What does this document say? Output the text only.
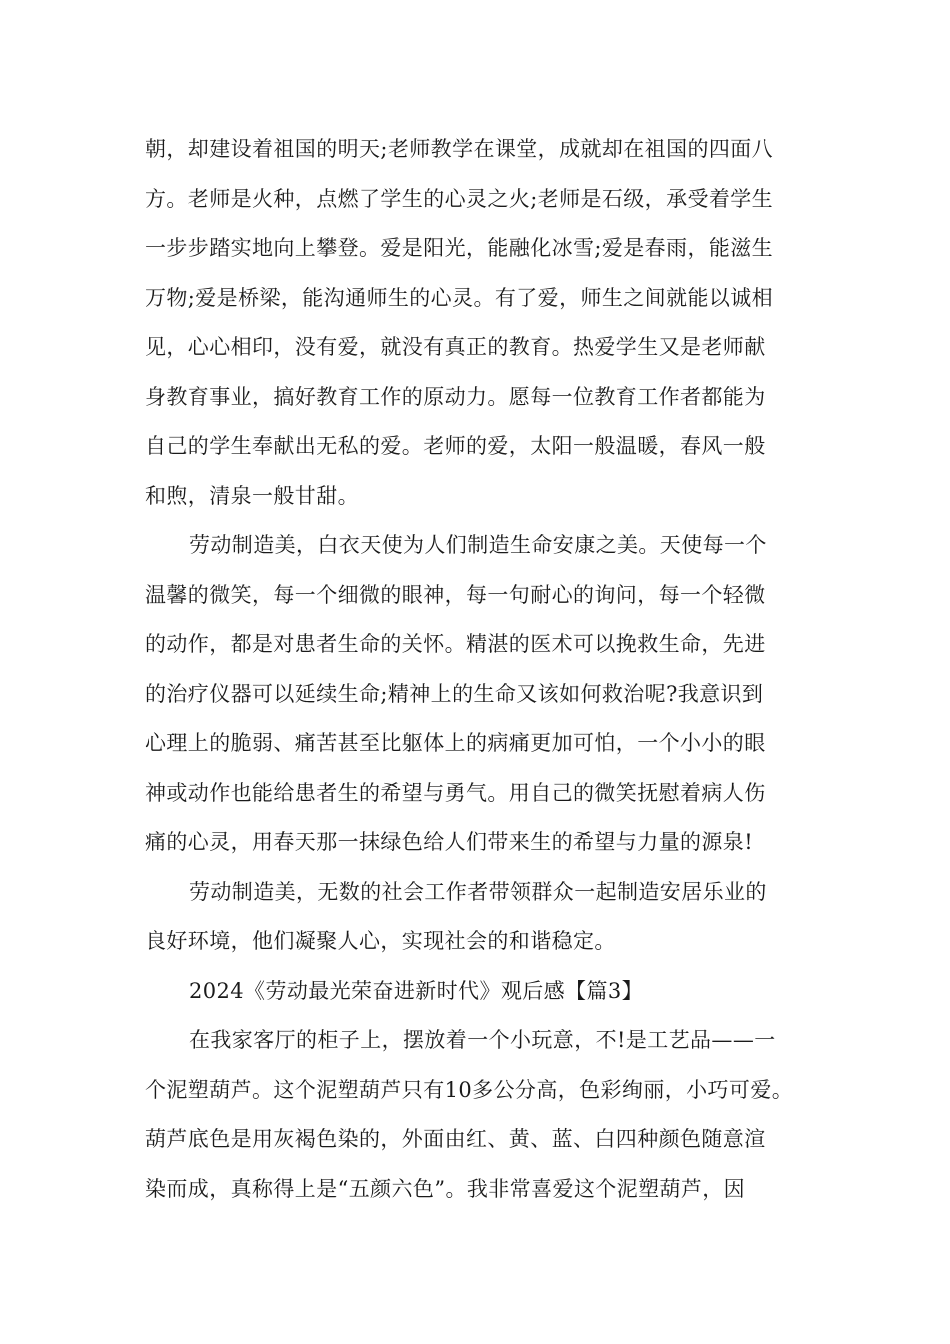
朝，却建设着祖国的明天;老师教学在课堂，成就却在祖国的四面八
方。老师是火种，点燃了学生的心灵之火;老师是石级，承受着学生
一步步踏实地向上攀登。爱是阳光，能融化冰雪;爱是春雨，能滋生
万物;爱是桥梁，能沟通师生的心灵。有了爱，师生之间就能以诚相
见，心心相印，没有爱，就没有真正的教育。热爱学生又是老师献
身教育事业，搞好教育工作的原动力。愿每一位教育工作者都能为
自己的学生奉献出无私的爱。老师的爱，太阳一般温暖，春风一般
和煦，清泉一般甘甜。
劳动制造美，白衣天使为人们制造生命安康之美。天使每一个
温馨的微笑，每一个细微的眼神，每一句耐心的询问，每一个轻微
的动作，都是对患者生命的关怀。精湛的医术可以挽救生命，先进
的治疗仪器可以延续生命;精神上的生命又该如何救治呢?我意识到
心理上的脆弱、痛苦甚至比躯体上的病痛更加可怕，一个小小的眼
神或动作也能给患者生的希望与勇气。用自己的微笑抚慰着病人伤
痛的心灵，用春天那一抹绿色给人们带来生的希望与力量的源泉!
劳动制造美，无数的社会工作者带领群众一起制造安居乐业的
良好环境，他们凝聚人心，实现社会的和谐稳定。
2024《劳动最光荣奋进新时代》观后感【篇3】
在我家客厅的柜子上，摆放着一个小玩意，不!是工艺品——一
个泥塑葫芦。这个泥塑葫芦只有10多公分高，色彩绚丽，小巧可爱。
葫芦底色是用灰褐色染的，外面由红、黄、蓝、白四种颜色随意渲
染而成，真称得上是“五颜六色”。我非常喜爱这个泥塑葫芦，因
